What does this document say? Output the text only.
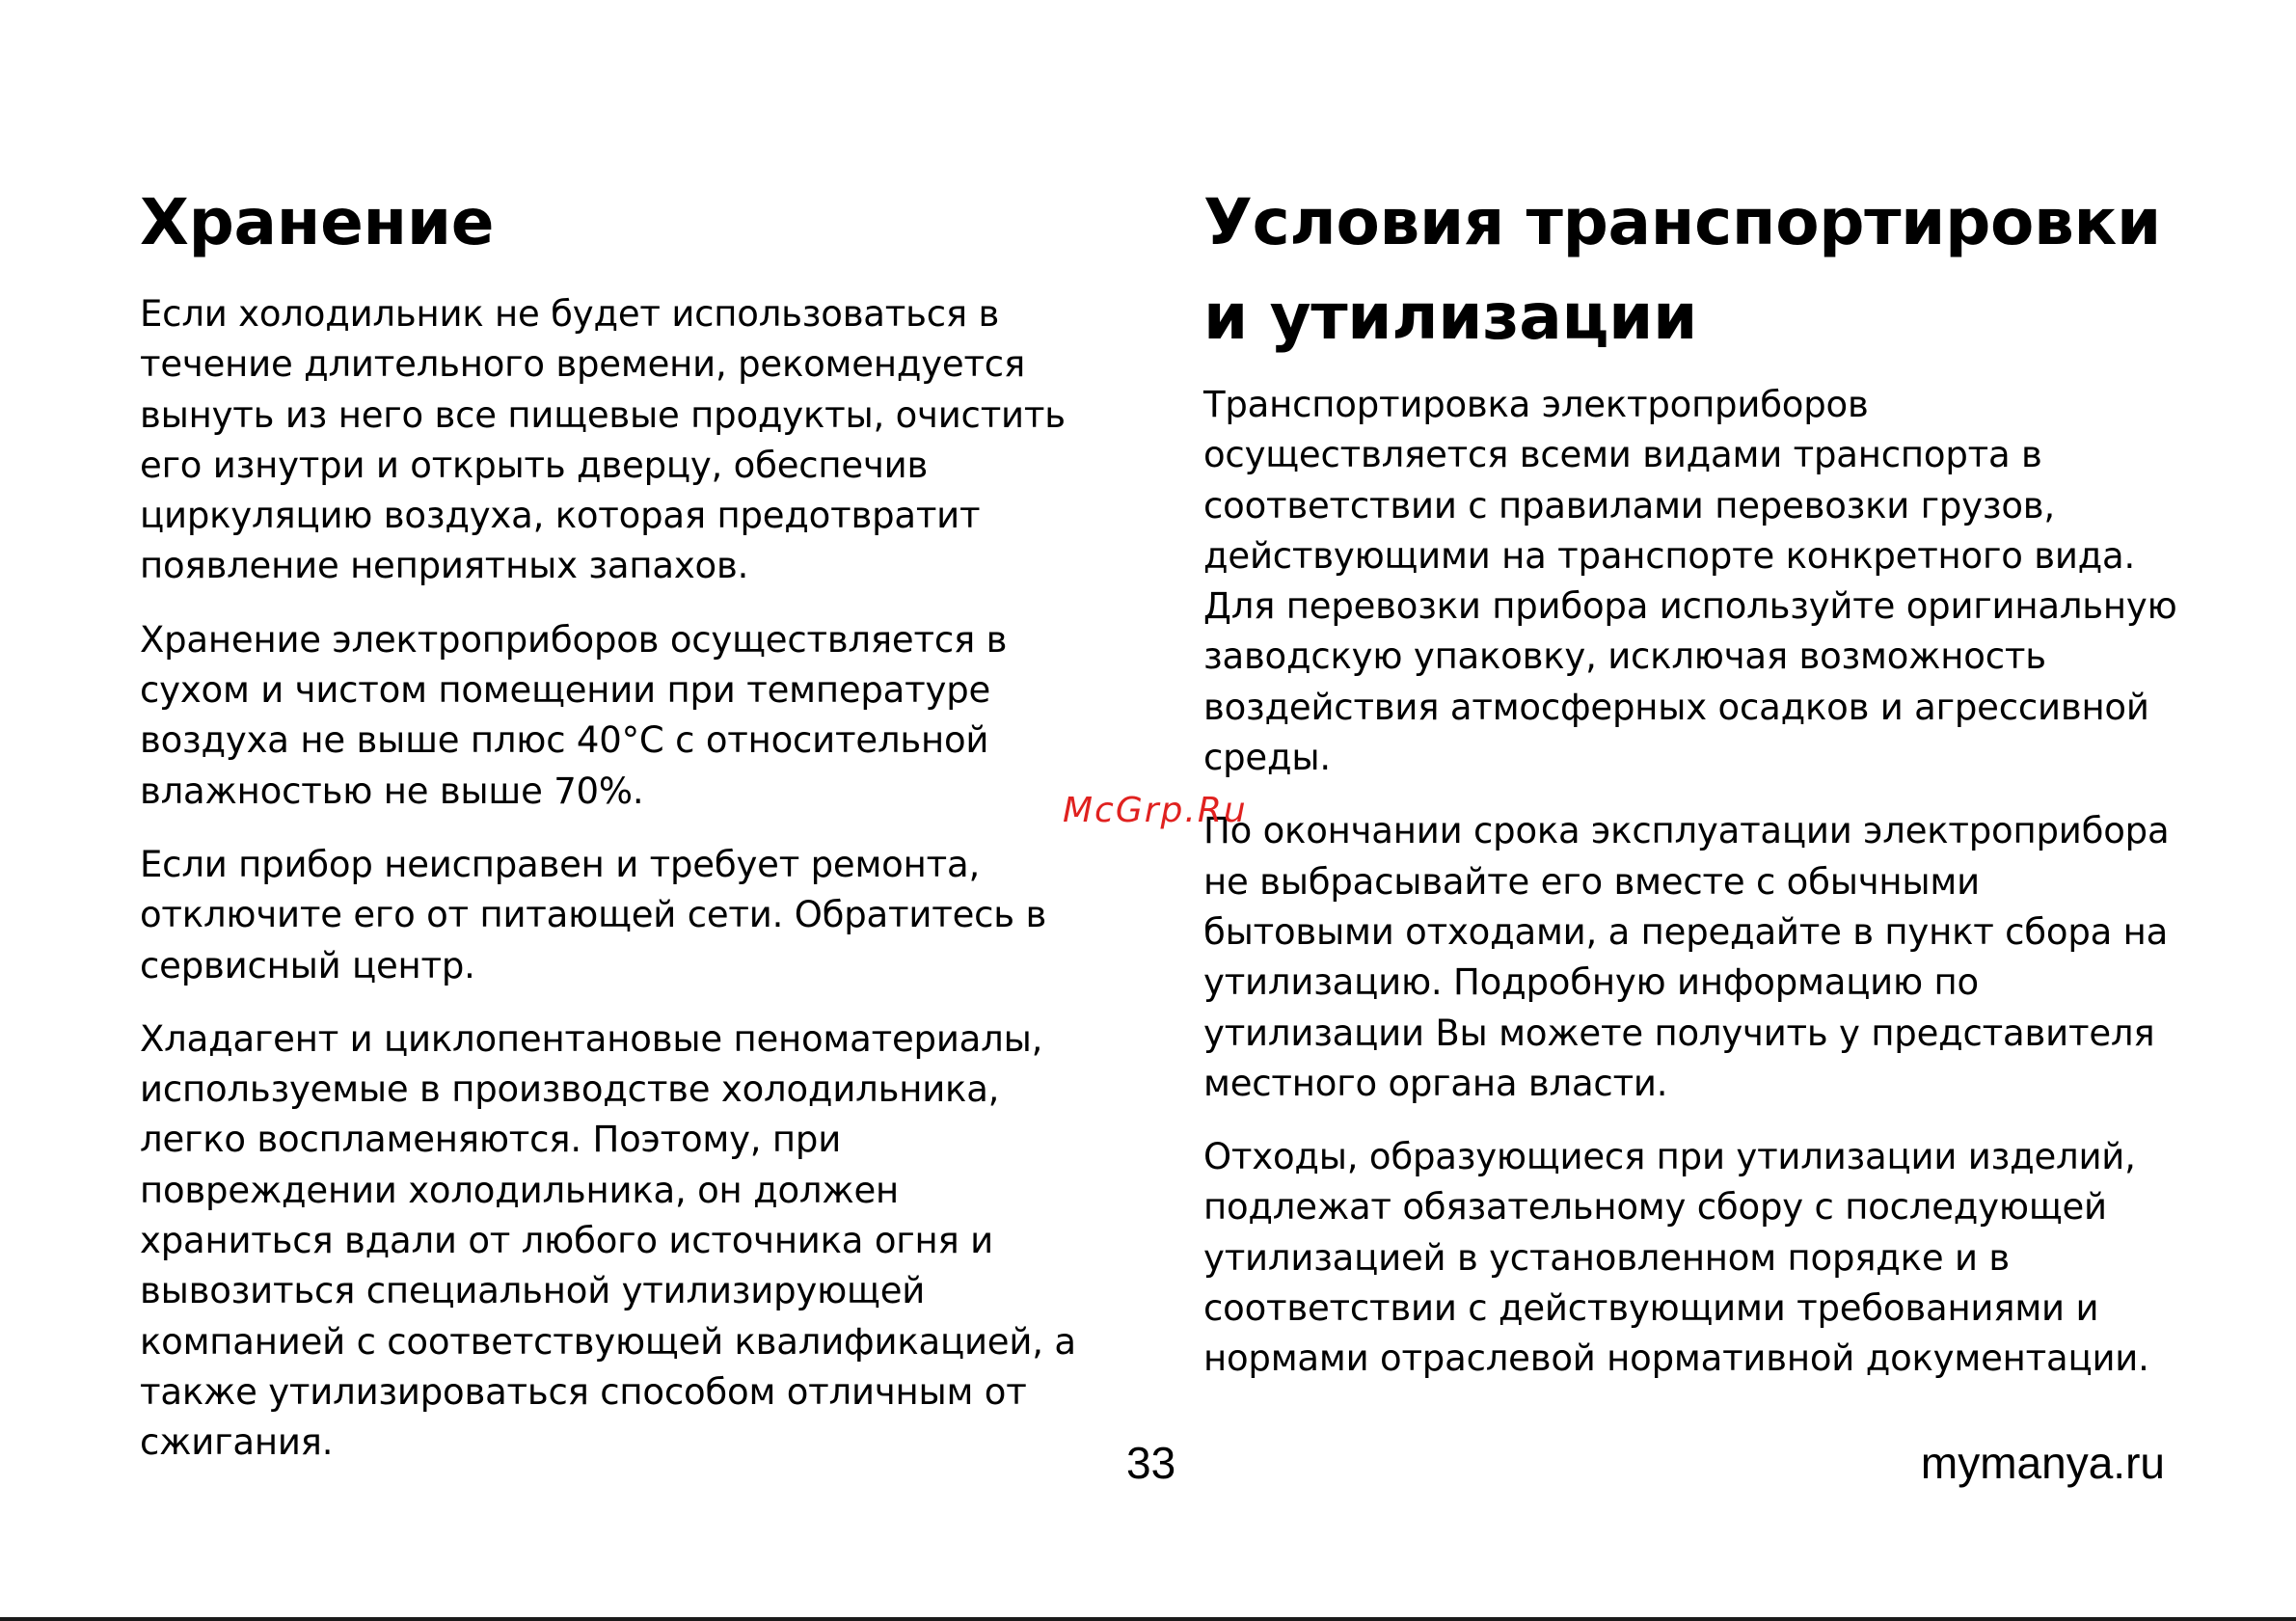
Хранение

Если холодильник не будет использоваться в течение длительного времени, рекомендуется вынуть из него все пищевые продукты, очистить его изнутри и открыть дверцу, обеспечив циркуляцию воздуха, которая предотвратит появление неприятных запахов.

Хранение электроприборов осуществляется в сухом и чистом помещении при температуре воздуха не выше плюс 40°С с относительной влажностью не выше 70%.

Если прибор неисправен и требует ремонта, отключите его от питающей сети. Обратитесь в сервисный центр.

Хладагент и циклопентановые пеноматериалы, используемые в производстве холодильника, легко воспламеняются. Поэтому, при повреждении холодильника, он должен храниться вдали от любого источника огня и вывозиться специальной утилизирующей компанией с соответствующей квалификацией, а также утилизироваться способом отличным от сжигания.

Условия транспортировки и утилизации

Транспортировка электроприборов осуществляется всеми видами транспорта в соответствии с правилами перевозки грузов, действующими на транспорте конкретного вида. Для перевозки прибора используйте оригинальную заводскую упаковку, исключая возможность воздействия атмосферных осадков и агрессивной среды.

По окончании срока эксплуатации электроприбора не выбрасывайте его вместе с обычными бытовыми отходами, а передайте в пункт сбора на утилизацию. Подробную информацию по утилизации Вы можете получить у представителя местного органа власти.

Отходы, образующиеся при утилизации изделий, подлежат обязательному сбору с последующей утилизацией в установленном порядке и в соответствии с действующими требованиями и нормами отраслевой нормативной документации.

McGrp.Ru
33	mymanya.ru
